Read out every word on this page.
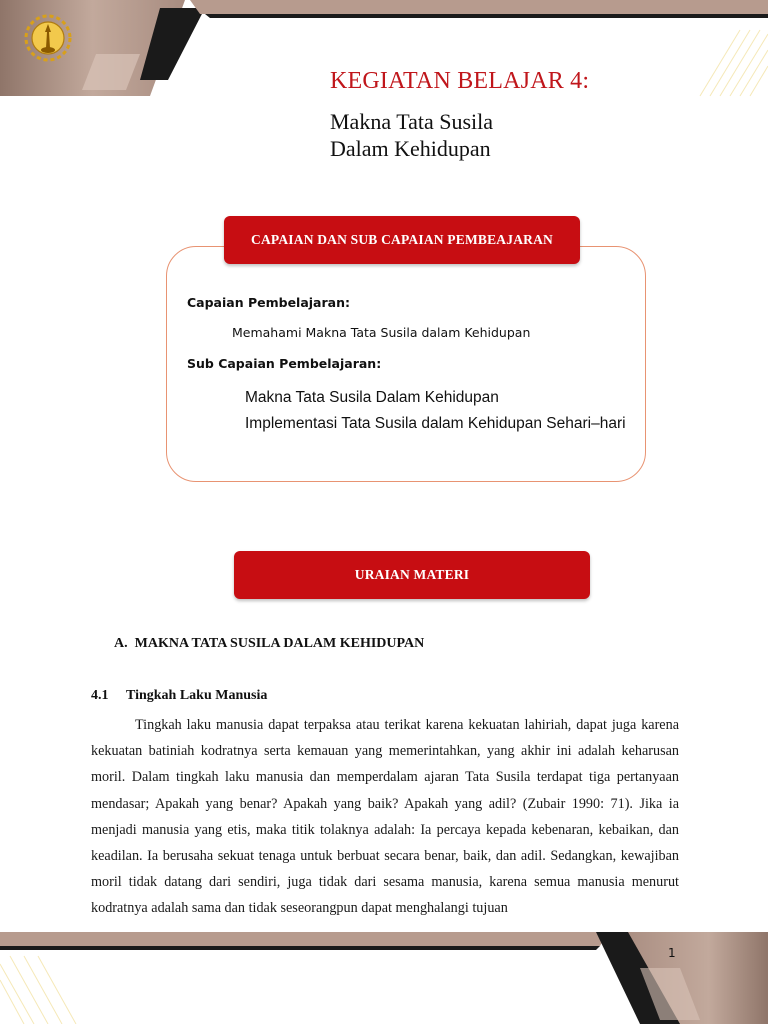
KEGIATAN BELAJAR 4:
Makna Tata Susila
Dalam Kehidupan
CAPAIAN DAN SUB CAPAIAN PEMBEAJARAN
Capaian Pembelajaran:
Memahami Makna Tata Susila dalam Kehidupan
Sub Capaian Pembelajaran:
Makna Tata Susila Dalam Kehidupan
Implementasi Tata Susila dalam Kehidupan Sehari–hari
URAIAN MATERI
A. MAKNA TATA SUSILA DALAM KEHIDUPAN
4.1 Tingkah Laku Manusia

Tingkah laku manusia dapat terpaksa atau terikat karena kekuatan lahiriah, dapat juga karena kekuatan batiniah kodratnya serta kemauan yang memerintahkan, yang akhir ini adalah keharusan moril. Dalam tingkah laku manusia dan memperdalam ajaran Tata Susila terdapat tiga pertanyaan mendasar; Apakah yang benar? Apakah yang baik? Apakah yang adil? (Zubair 1990: 71). Jika ia menjadi manusia yang etis, maka titik tolaknya adalah: Ia percaya kepada kebenaran, kebaikan, dan keadilan. Ia berusaha sekuat tenaga untuk berbuat secara benar, baik, dan adil. Sedangkan, kewajiban moril tidak datang dari sendiri, juga tidak dari sesama manusia, karena semua manusia menurut kodratnya adalah sama dan tidak seseorangpun dapat menghalangi tujuan

1
